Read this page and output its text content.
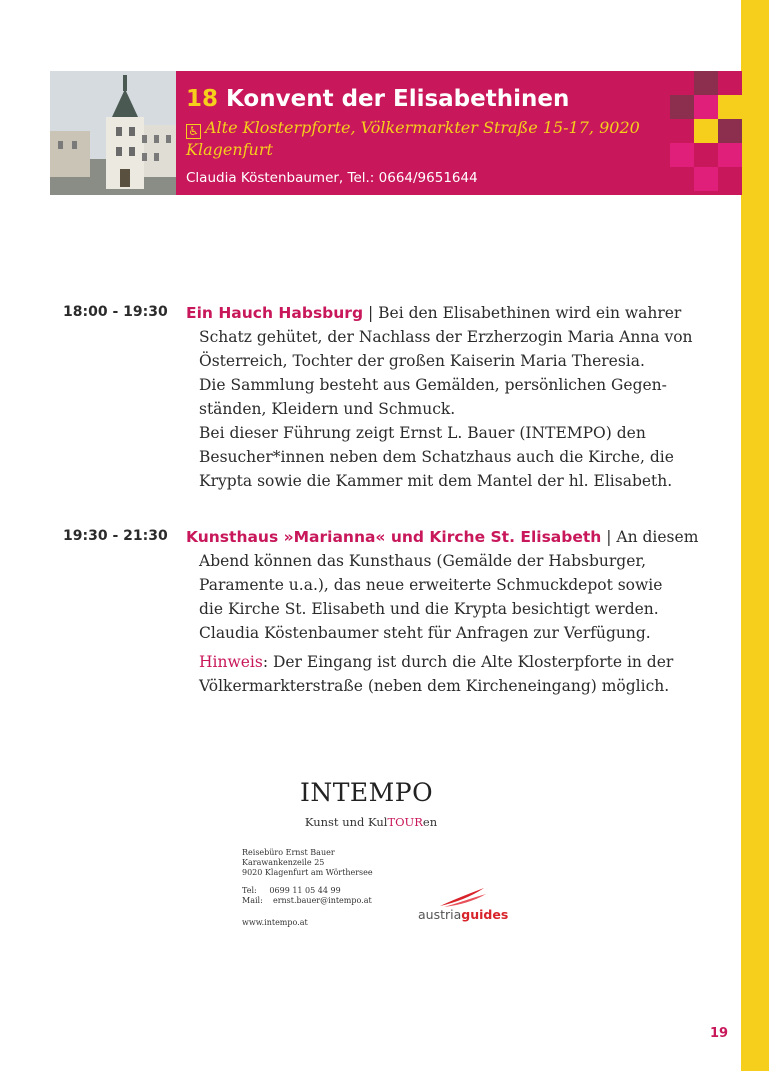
18 Konvent der Elisabethinen
♿ Alte Klosterpforte, Völkermarkter Straße 15-17, 9020 Klagenfurt
Claudia Köstenbaumer, Tel.: 0664/9651644
18:00 - 19:30 Ein Hauch Habsburg | Bei den Elisabethinen wird ein wahrer
Schatz gehütet, der Nachlass der Erzherzogin Maria Anna von
Österreich, Tochter der großen Kaiserin Maria Theresia.
Die Sammlung besteht aus Gemälden, persönlichen Gegen-
ständen, Kleidern und Schmuck.
Bei dieser Führung zeigt Ernst L. Bauer (INTEMPO) den
Besucher*innen neben dem Schatzhaus auch die Kirche, die
Krypta sowie die Kammer mit dem Mantel der hl. Elisabeth.
19:30 - 21:30 Kunsthaus »Marianna« und Kirche St. Elisabeth | An diesem
Abend können das Kunsthaus (Gemälde der Habsburger,
Paramente u.a.), das neue erweiterte Schmuckdepot sowie
die Kirche St. Elisabeth und die Krypta besichtigt werden.
Claudia Köstenbaumer steht für Anfragen zur Verfügung.
Hinweis: Der Eingang ist durch die Alte Klosterpforte in der
Völkermarkterstraße (neben dem Kircheneingang) möglich.
INTEMPO
Kunst und KulTOURen
Reisebüro Ernst Bauer
Karawankenzeile 25
9020 Klagenfurt am Wörthersee
Tel: 0699 11 05 44 99
Mail: ernst.bauer@intempo.at
www.intempo.at
austriaguides
19
